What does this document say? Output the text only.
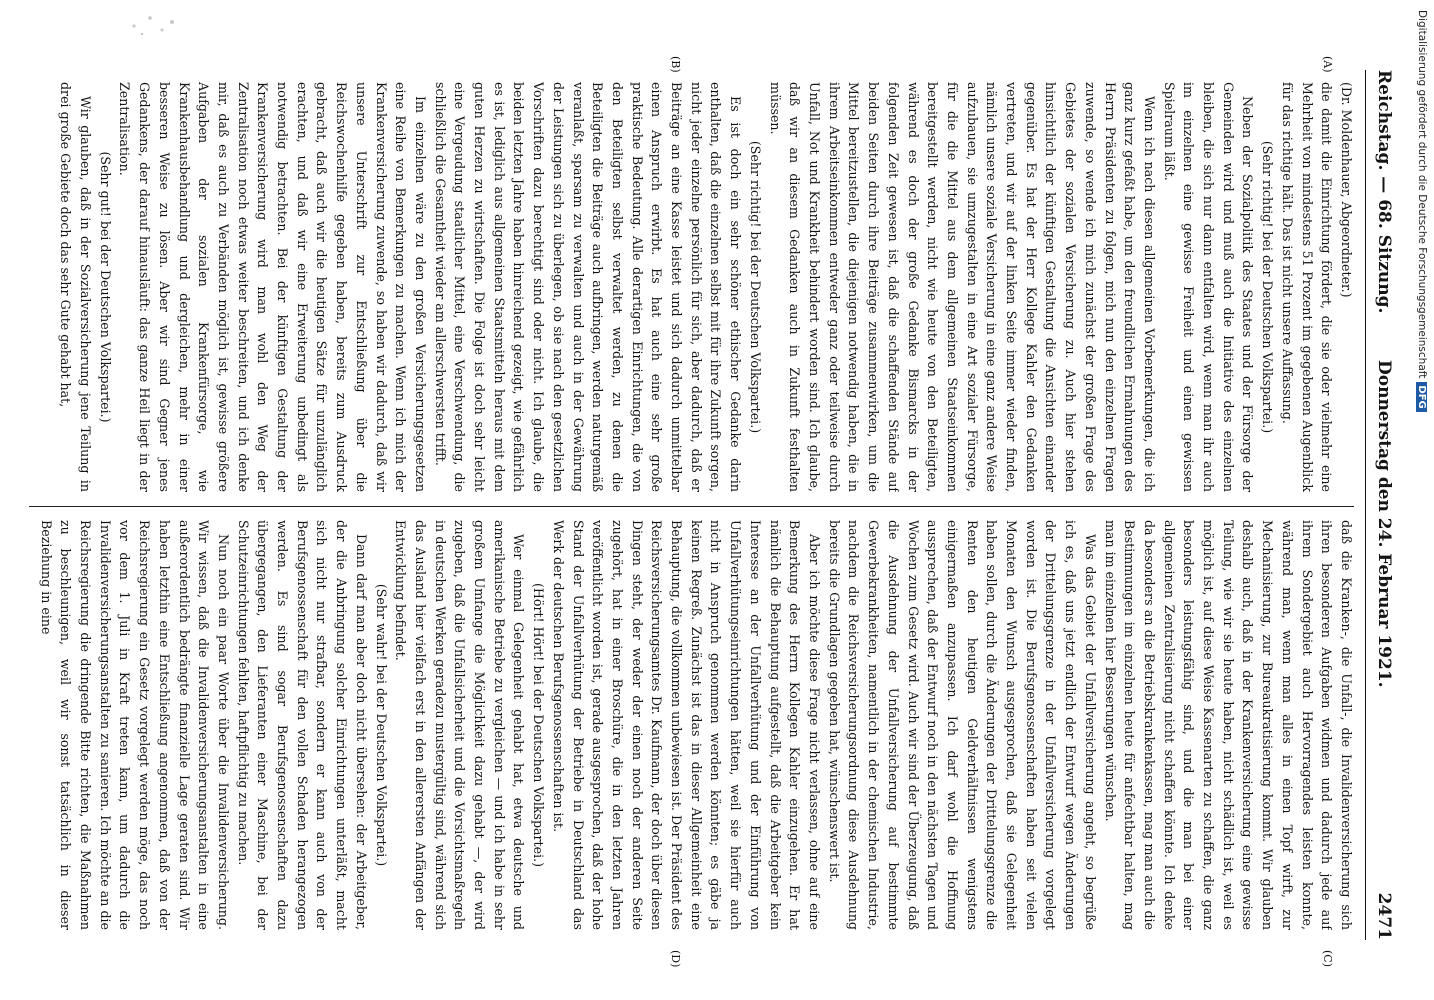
Reichstag. — 68. Sitzung.
Donnerstag den 24. Februar 1921.
2471
(A)
(B)
(C)
(D)

(Dr. Moldenhauer, Abgeordneter.)

die damit die Einrichtung fördert, die sie oder vielmehr eine Mehrheit von mindestens 51 Prozent im gegebenen Augenblick für das richtige hält. Das ist nicht unsere Auffassung.

(Sehr richtig! bei der Deutschen Volkspartei.)

Neben der Sozialpolitik des Staates und der Fürsorge der Gemeinden wird und muß auch die Initiative des einzelnen bleiben, die sich nur dann entfalten wird, wenn man ihr auch im einzelnen eine gewisse Freiheit und einen gewissen Spielraum läßt.

Wenn ich nach diesen allgemeinen Vorbemerkungen, die ich ganz kurz gefaßt habe, um den freundlichen Ermahnungen des Herrn Präsidenten zu folgen, mich nun den einzelnen Fragen zuwende, so wende ich mich zunächst der großen Frage des Gebietes der sozialen Versicherung zu. Auch hier stehen hinsichtlich der künftigen Gestaltung die Ansichten einander gegenüber. Es hat der Herr Kollege Kahler den Gedanken vertreten, und wir auf der linken Seite immer wieder finden, nämlich unsere soziale Versicherung in eine ganz andere Weise aufzubauen, sie umzugestalten in eine Art sozialer Fürsorge, für die die Mittel aus dem allgemeinen Staatseinkommen bereitgestellt werden, nicht wie heute von den Beteiligten, während es doch der große Gedanke Bismarcks in der folgenden Zeit gewesen ist, daß die schaffenden Stände auf beiden Seiten durch ihre Beiträge zusammenwirken, um die Mittel bereitzustellen, die diejenigen notwendig haben, die in ihrem Arbeitseinkommen entweder ganz oder teilweise durch Unfall, Not und Krankheit behindert worden sind. Ich glaube, daß wir an diesem Gedanken auch in Zukunft festhalten müssen.

(Sehr richtig! bei der Deutschen Volkspartei.)

Es ist doch ein sehr schöner ethischer Gedanke darin enthalten, daß die einzelnen selbst mit für ihre Zukunft sorgen, nicht jeder einzelne persönlich für sich, aber dadurch, daß er Beiträge an eine Kasse leistet und sich dadurch unmittelbar einen Anspruch erwirbt. Es hat auch eine sehr große praktische Bedeutung. Alle derartigen Einrichtungen, die von den Beteiligten selbst verwaltet werden, zu denen die Beteiligten die Beiträge auch aufbringen, werden naturgemäß veranlaßt, sparsam zu verwalten und auch in der Gewährung der Leistungen sich zu überlegen, ob sie nach den gesetzlichen Vorschriften dazu berechtigt sind oder nicht. Ich glaube, die beiden letzten Jahre haben hinreichend gezeigt, wie gefährlich es ist, lediglich aus allgemeinen Staatsmitteln heraus mit dem guten Herzen zu wirtschaften. Die Folge ist doch sehr leicht eine Vergeudung staatlicher Mittel, eine Verschwendung, die schließlich die Gesamtheit wieder am allerschwersten trifft.

Im einzelnen wäre zu den großen Versicherungsgesetzen eine Reihe von Bemerkungen zu machen. Wenn ich mich der Krankenversicherung zuwende, so haben wir dadurch, daß wir unsere Unterschrift zur Entschließung über die Reichswochenhilfe gegeben haben, bereits zum Ausdruck gebracht, daß auch wir die heutigen Sätze für unzulänglich erachten, und daß wir eine Erweiterung unbedingt als notwendig betrachten. Bei der künftigen Gestaltung der Krankenversicherung wird man wohl den Weg der Zentralisation noch etwas weiter beschreiten, und ich denke mir, daß es auch zu Verbänden möglich ist, gewisse größere Aufgaben der sozialen Krankenfürsorge, wie Krankenhausbehandlung und dergleichen, mehr in einer besseren Weise zu lösen. Aber wir sind Gegner jenes Gedankens, der darauf hinausläuft: das ganze Heil liegt in der Zentralisation.

(Sehr gut! bei der Deutschen Volkspartei.)

Wir glauben, daß in der Sozialversicherung jene Teilung in drei große Gebiete doch das sehr Gute gehabt hat,

daß die Kranken-, die Unfall-, die Invalidenversicherung sich ihren besonderen Aufgaben widmen und dadurch jede auf ihrem Sondergebiet auch Hervorragendes leisten konnte, während man, wenn man alles in einen Topf wirft, zur Mechanisierung, zur Bureaukratisierung kommt. Wir glauben deshalb auch, daß in der Krankenversicherung eine gewisse Teilung, wie wir sie heute haben, nicht schädlich ist, weil es möglich ist, auf diese Weise Kassenarten zu schaffen, die ganz besonders leistungsfähig sind, und die man bei einer allgemeinen Zentralisierung nicht schaffen könnte. Ich denke da besonders an die Betriebskrankenkassen, mag man auch die Bestimmungen im einzelnen heute für anfechtbar halten, mag man im einzelnen hier Besserungen wünschen.

Was das Gebiet der Unfallversicherung angeht, so begrüße ich es, daß uns jetzt endlich der Entwurf wegen Änderungen der Drittelungsgrenze in der Unfallversicherung vorgelegt worden ist. Die Berufsgenossenschaften haben seit vielen Monaten den Wunsch ausgesprochen, daß sie Gelegenheit haben sollen, durch die Änderungen der Drittelungsgrenze die Renten den heutigen Geldverhältnissen wenigstens einigermaßen anzupassen. Ich darf wohl die Hoffnung aussprechen, daß der Entwurf noch in den nächsten Tagen und Wochen zum Gesetz wird. Auch wir sind der Überzeugung, daß die Ausdehnung der Unfallversicherung auf bestimmte Gewerbekrankheiten, namentlich in der chemischen Industrie, nachdem die Reichsversicherungsordnung diese Ausdehnung bereits die Grundlagen gegeben hat, wünschenswert ist.

Aber ich möchte diese Frage nicht verlassen, ohne auf eine Bemerkung des Herrn Kollegen Kahler einzugehen. Er hat nämlich die Behauptung aufgestellt, daß die Arbeitgeber kein Interesse an der Unfallverhütung und der Einführung von Unfallverhütungseinrichtungen hätten, weil sie hierfür auch nicht in Anspruch genommen werden könnten; es gäbe ja keinen Regreß. Zunächst ist das in dieser Allgemeinheit eine Behauptung, die vollkommen unbewiesen ist. Der Präsident des Reichsversicherungsamtes Dr. Kaufmann, der doch über diesen Dingen steht, der weder der einen noch der anderen Seite zugehört, hat in einer Broschüre, die in den letzten Jahren veröffentlicht worden ist, gerade ausgesprochen, daß der hohe Stand der Unfallverhütung der Betriebe in Deutschland das Werk der deutschen Berufsgenossenschaften ist.

(Hört! Hört! bei der Deutschen Volkspartei.)

Wer einmal Gelegenheit gehabt hat, etwa deutsche und amerikanische Betriebe zu vergleichen — und ich habe in sehr großem Umfange die Möglichkeit dazu gehabt —, der wird zugeben, daß die Unfallsicherheit und die Vorsichtsmaßregeln in deutschen Werken geradezu mustergültig sind, während sich das Ausland hier vielfach erst in den allerersten Anfängen der Entwicklung befindet.

(Sehr wahr! bei der Deutschen Volkspartei.)

Dann darf man aber doch nicht übersehen: der Arbeitgeber, der die Anbringung solcher Einrichtungen unterläßt, macht sich nicht nur strafbar, sondern er kann auch von der Berufsgenossenschaft für den vollen Schaden herangezogen werden. Es sind sogar Berufsgenossenschaften dazu übergegangen, den Lieferanten einer Maschine, bei der Schutzeinrichtungen fehlten, haftpflichtig zu machen.

Nun noch ein paar Worte über die Invalidenversicherung. Wir wissen, daß die Invalidenversicherungsanstalten in eine außerordentlich bedrängte finanzielle Lage geraten sind. Wir haben letzthin eine Entschließung angenommen, daß von der Reichsregierung ein Gesetz vorgelegt werden möge, das noch vor dem 1. Juli in Kraft treten kann, um dadurch die Invalidenversicherungsanstalten zu sanieren. Ich möchte an die Reichsregierung die dringende Bitte richten, die Maßnahmen zu beschleunigen, weil wir sonst tatsächlich in dieser Beziehung in eine

Digitalisierung gefördert durch die Deutsche ForschungsgemeinschaftDFG
